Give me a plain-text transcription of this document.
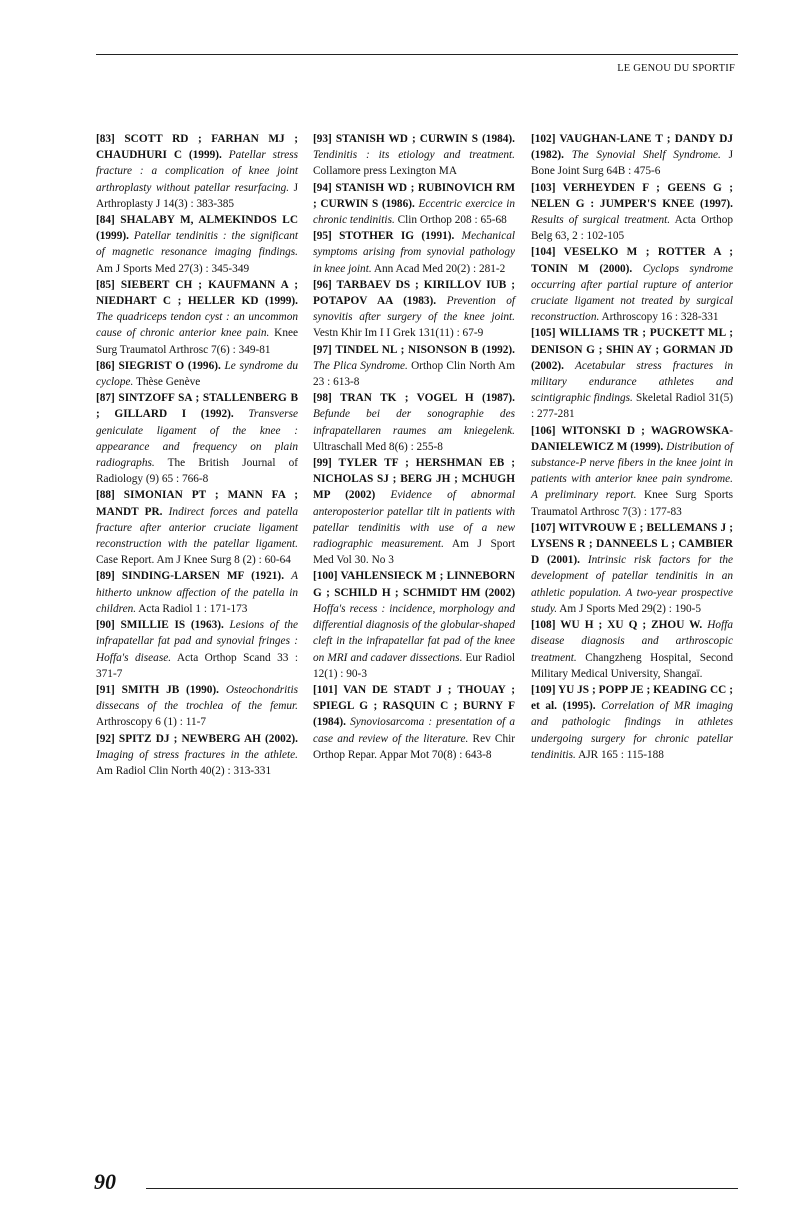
LE GENOU DU SPORTIF

[83] SCOTT RD ; FARHAN MJ ; CHAUDHURI C (1999). Patellar stress fracture : a complication of knee joint arthroplasty without patellar resurfacing. J Arthroplasty J 14(3) : 383-385

[84] SHALABY M, ALMEKINDOS LC (1999). Patellar tendinitis : the significant of magnetic resonance imaging findings. Am J Sports Med 27(3) : 345-349

[85] SIEBERT CH ; KAUFMANN A ; NIEDHART C ; HELLER KD (1999). The quadriceps tendon cyst : an uncommon cause of chronic anterior knee pain. Knee Surg Traumatol Arthrosc 7(6) : 349-81

[86] SIEGRIST O (1996). Le syndrome du cyclope. Thèse Genève

[87] SINTZOFF SA ; STALLENBERG B ; GILLARD I (1992). Transverse geniculate ligament of the knee : appearance and frequency on plain radiographs. The British Journal of Radiology (9) 65 : 766-8

[88] SIMONIAN PT ; MANN FA ; MANDT PR. Indirect forces and patella fracture after anterior cruciate ligament reconstruction with the patellar ligament. Case Report. Am J Knee Surg 8 (2) : 60-64

[89] SINDING-LARSEN MF (1921). A hitherto unknow affection of the patella in children. Acta Radiol 1 : 171-173

[90] SMILLIE IS (1963). Lesions of the infrapatellar fat pad and synovial fringes : Hoffa's disease. Acta Orthop Scand 33 : 371-7

[91] SMITH JB (1990). Osteochondritis dissecans of the trochlea of the femur. Arthroscopy 6 (1) : 11-7

[92] SPITZ DJ ; NEWBERG AH (2002). Imaging of stress fractures in the athlete. Am Radiol Clin North 40(2) : 313-331

[93] STANISH WD ; CURWIN S (1984). Tendinitis : its etiology and treatment. Collamore press Lexington MA

[94] STANISH WD ; RUBINOVICH RM ; CURWIN S (1986). Eccentric exercice in chronic tendinitis. Clin Orthop 208 : 65-68

[95] STOTHER IG (1991). Mechanical symptoms arising from synovial pathology in knee joint. Ann Acad Med 20(2) : 281-2

[96] TARBAEV DS ; KIRILLOV IUB ; POTAPOV AA (1983). Prevention of synovitis after surgery of the knee joint. Vestn Khir Im I I Grek 131(11) : 67-9

[97] TINDEL NL ; NISONSON B (1992). The Plica Syndrome. Orthop Clin North Am 23 : 613-8

[98] TRAN TK ; VOGEL H (1987). Befunde bei der sonographie des infrapatellaren raumes am kniegelenk. Ultraschall Med 8(6) : 255-8

[99] TYLER TF ; HERSHMAN EB ; NICHOLAS SJ ; BERG JH ; MCHUGH MP (2002) Evidence of abnormal anteroposterior patellar tilt in patients with patellar tendinitis with use of a new radiographic measurement. Am J Sport Med Vol 30. No 3

[100] VAHLENSIECK M ; LINNEBORN G ; SCHILD H ; SCHMIDT HM (2002) Hoffa's recess : incidence, morphology and differential diagnosis of the globular-shaped cleft in the infrapatellar fat pad of the knee on MRI and cadaver dissections. Eur Radiol 12(1) : 90-3

[101] VAN DE STADT J ; THOUAY ; SPIEGL G ; RASQUIN C ; BURNY F (1984). Synoviosarcoma : presentation of a case and review of the literature. Rev Chir Orthop Repar. Appar Mot 70(8) : 643-8

[102] VAUGHAN-LANE T ; DANDY DJ (1982). The Synovial Shelf Syndrome. J Bone Joint Surg 64B : 475-6

[103] VERHEYDEN F ; GEENS G ; NELEN G : JUMPER'S KNEE (1997). Results of surgical treatment. Acta Orthop Belg 63, 2 : 102-105

[104] VESELKO M ; ROTTER A ; TONIN M (2000). Cyclops syndrome occurring after partial rupture of anterior cruciate ligament not treated by surgical reconstruction. Arthroscopy 16 : 328-331

[105] WILLIAMS TR ; PUCKETT ML ; DENISON G ; SHIN AY ; GORMAN JD (2002). Acetabular stress fractures in military endurance athletes and scintigraphic findings. Skeletal Radiol 31(5) : 277-281

[106] WITONSKI D ; WAGROWSKA-DANIELEWICZ M (1999). Distribution of substance-P nerve fibers in the knee joint in patients with anterior knee pain syndrome. A preliminary report. Knee Surg Sports Traumatol Arthrosc 7(3) : 177-83

[107] WITVROUW E ; BELLEMANS J ; LYSENS R ; DANNEELS L ; CAMBIER D (2001). Intrinsic risk factors for the development of patellar tendinitis in an athletic population. A two-year prospective study. Am J Sports Med 29(2) : 190-5

[108] WU H ; XU Q ; ZHOU W. Hoffa disease diagnosis and arthroscopic treatment. Changzheng Hospital, Second Military Medical University, Shangaï.

[109] YU JS ; POPP JE ; KEADING CC ; et al. (1995). Correlation of MR imaging and pathologic findings in athletes undergoing surgery for chronic patellar tendinitis. AJR 165 : 115-188

90
